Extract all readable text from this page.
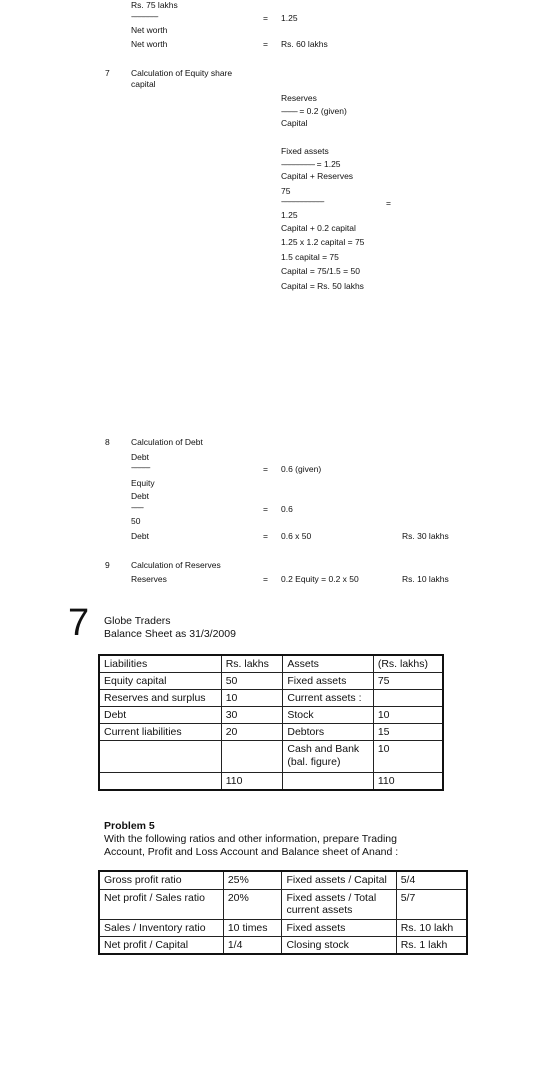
Rs. 75 lakhs
--------------------	= 1.25
Net worth
Net worth	= Rs. 60 lakhs
7	Calculation of Equity share
capital
Reserves
------------ = 0.2 (given)
Capital
Fixed assets
------------------------- = 1.25
Capital + Reserves
75
--------------------------------	=
1.25
Capital + 0.2 capital
1.25 x 1.2 capital = 75
1.5 capital = 75
Capital = 75/1.5 = 50
Capital = Rs. 50 lakhs
8	Calculation of Debt
Debt
--------------	= 0.6 (given)
Equity
Debt
---------	= 0.6
50
Debt	= 0.6 x 50	Rs. 30 lakhs
9	Calculation of Reserves
Reserves	= 0.2 Equity = 0.2 x 50	Rs. 10 lakhs
7 Globe Traders
Balance Sheet as 31/3/2009
Liabilities	Rs. lakhs	Assets	(Rs. lakhs)
Equity capital	50	Fixed assets	75
Reserves and surplus	10	Current assets :	
Debt	30	Stock	10
Current liabilities	20	Debtors	15
		Cash and Bank (bal. figure)	10
	110		110
Problem 5
With the following ratios and other information, prepare Trading
Account, Profit and Loss Account and Balance sheet of Anand :
Gross profit ratio	25%	Fixed assets / Capital	5/4
Net profit / Sales ratio	20%	Fixed assets / Total current assets	5/7
Sales / Inventory ratio	10 times	Fixed assets	Rs. 10 lakh
Net profit / Capital	1/4	Closing stock	Rs. 1 lakh
